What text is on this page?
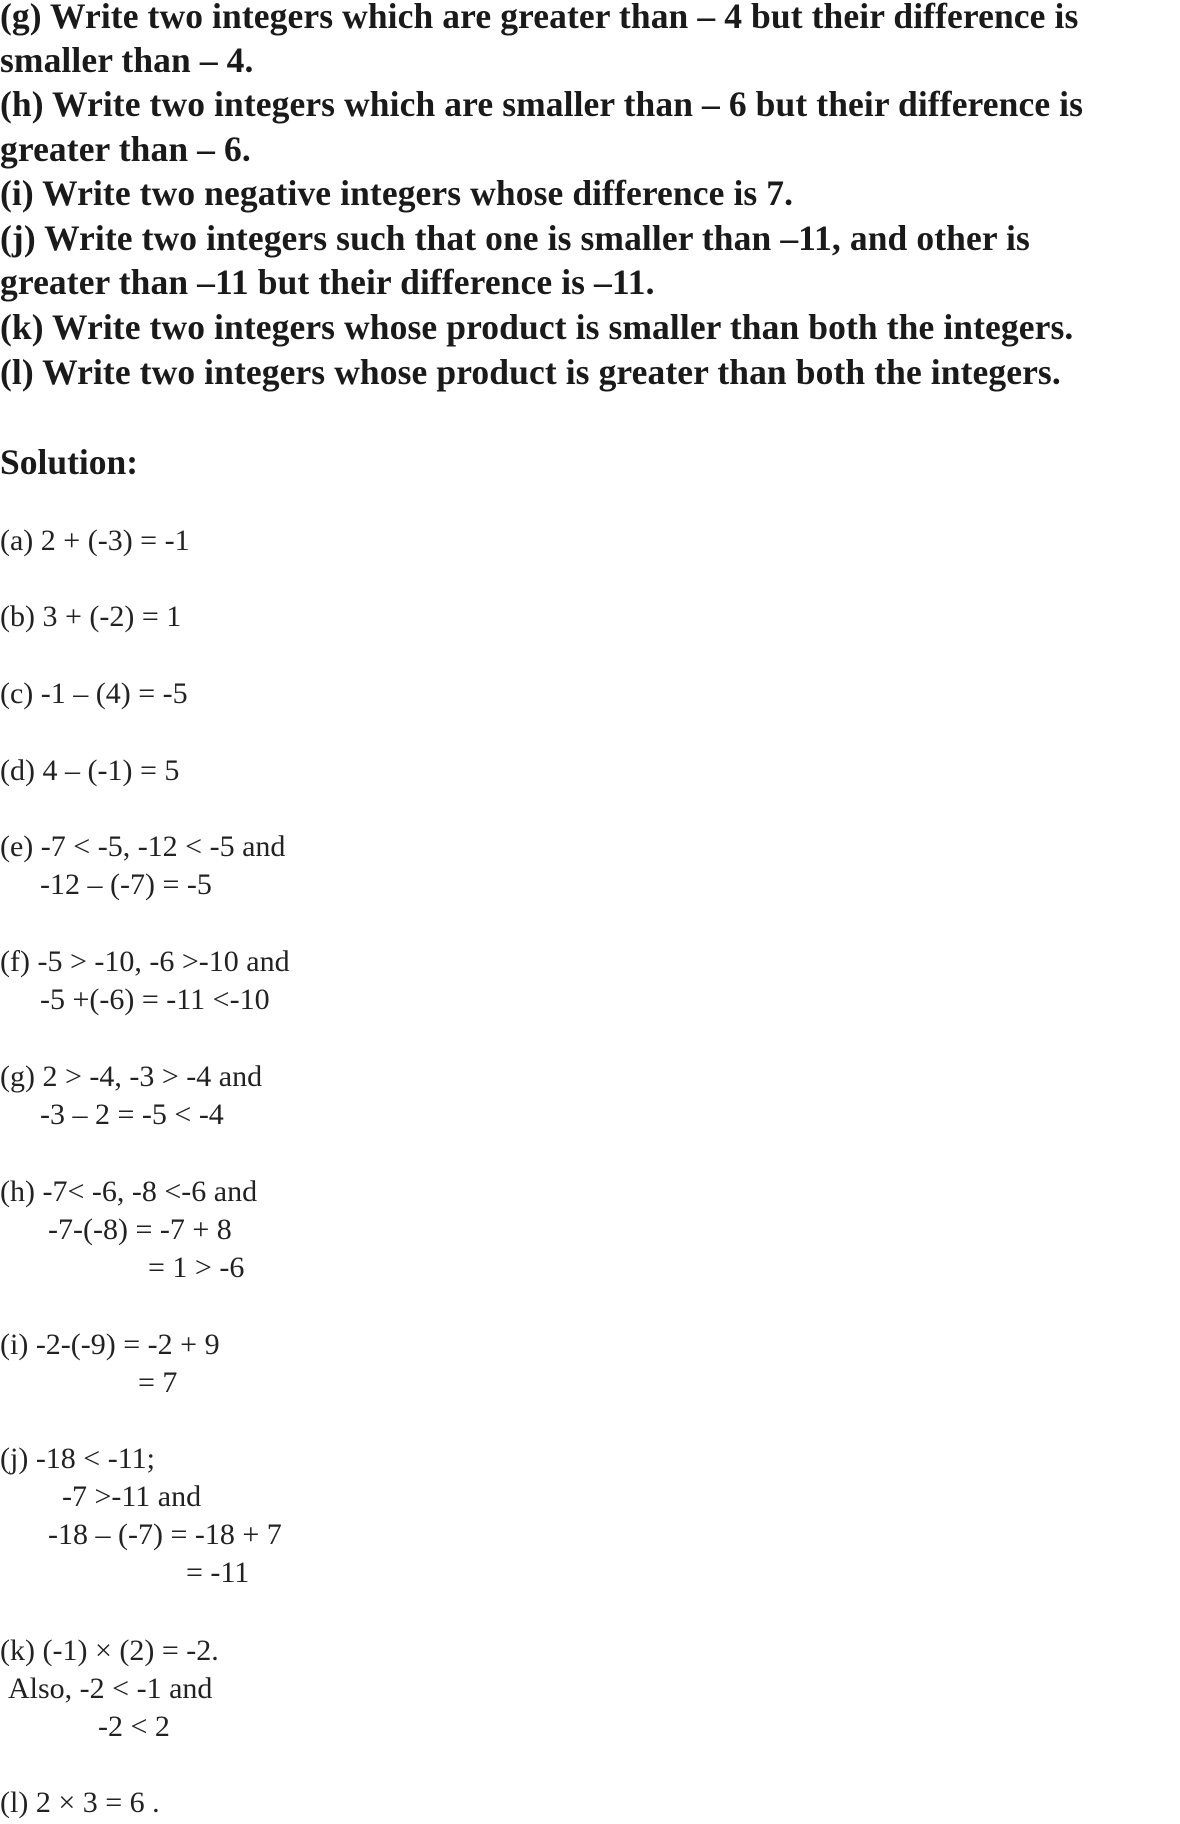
(g) Write two integers which are greater than – 4 but their difference is
smaller than – 4.
(h) Write two integers which are smaller than – 6 but their difference is
greater than – 6.
(i) Write two negative integers whose difference is 7.
(j) Write two integers such that one is smaller than –11, and other is
greater than –11 but their difference is –11.
(k) Write two integers whose product is smaller than both the integers.
(l) Write two integers whose product is greater than both the integers.
Solution:
(a) 2 + (-3) = -1
(b) 3 + (-2) = 1
(c) -1 – (4) = -5
(d) 4 – (-1) = 5
(e) -7 < -5, -12 < -5 and
-12 – (-7) = -5
(f) -5 > -10, -6 >-10 and
-5 +(-6) = -11 <-10
(g) 2 > -4, -3 > -4 and
-3 – 2 = -5 < -4
(h) -7< -6, -8 <-6 and
-7-(-8) = -7 + 8
= 1 > -6
(i) -2-(-9) = -2 + 9
= 7
(j) -18 < -11;
-7 >-11 and
-18 – (-7) = -18 + 7
= -11
(k) (-1) × (2) = -2.
Also, -2 < -1 and
-2 < 2
(l) 2 × 3 = 6 .
